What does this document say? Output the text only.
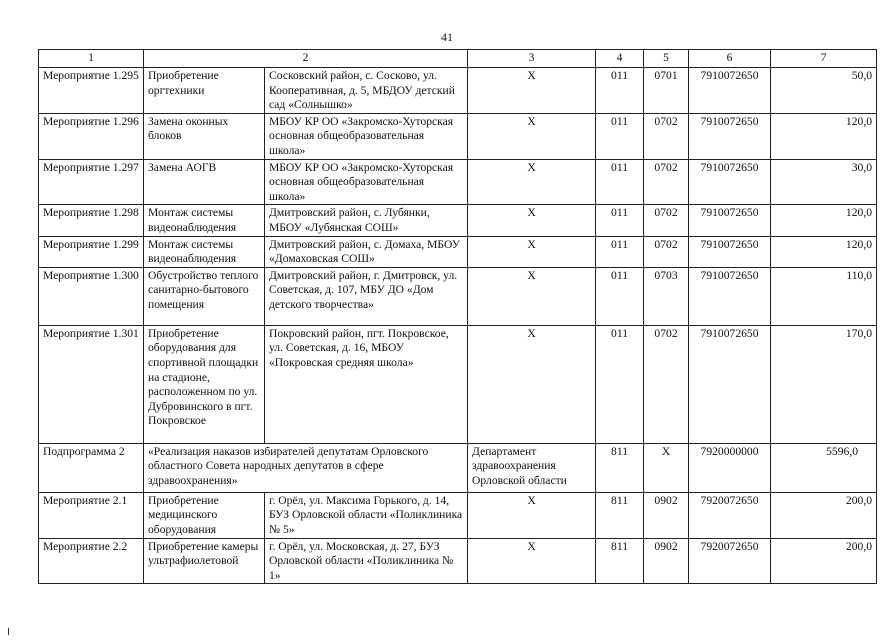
41
1	2		3	4	5	6	7
Мероприятие 1.295	Приобретение оргтехники	Сосковский район, с. Сосково, ул. Кооперативная, д. 5, МБДОУ детский сад «Солнышко»	Х	011	0701	7910072650	50,0
Мероприятие 1.296	Замена оконных блоков	МБОУ КР ОО «Закромско-Хуторская основная общеобразовательная школа»	Х	011	0702	7910072650	120,0
Мероприятие 1.297	Замена АОГВ	МБОУ КР ОО «Закромско-Хуторская основная общеобразовательная школа»	Х	011	0702	7910072650	30,0
Мероприятие 1.298	Монтаж системы видеонаблюдения	Дмитровский район, с. Лубянки, МБОУ «Лубянская СОШ»	Х	011	0702	7910072650	120,0
Мероприятие 1.299	Монтаж системы видеонаблюдения	Дмитровский район, с. Домаха, МБОУ «Домаховская СОШ»	Х	011	0702	7910072650	120,0
Мероприятие 1.300	Обустройство теплого санитарно-бытового помещения	Дмитровский район, г. Дмитровск, ул. Советская, д. 107, МБУ ДО «Дом детского творчества»	Х	011	0703	7910072650	110,0
Мероприятие 1.301	Приобретение оборудования для спортивной площадки на стадионе, расположенном по ул. Дубровинского в пгт. Покровское	Покровский район, пгт. Покровское, ул. Советская, д. 16, МБОУ «Покровская средняя школа»	Х	011	0702	7910072650	170,0
Подпрограмма 2	«Реализация наказов избирателей депутатам Орловского областного Совета народных депутатов в сфере здравоохранения»		Департамент здравоохранения Орловской области	811	Х	7920000000	5596,0
Мероприятие 2.1	Приобретение медицинского оборудования	г. Орёл, ул. Максима Горького, д. 14, БУЗ Орловской области «Поликлиника № 5»	Х	811	0902	7920072650	200,0
Мероприятие 2.2	Приобретение камеры ультрафиолетовой	г. Орёл, ул. Московская, д. 27, БУЗ Орловской области «Поликлиника № 1»	Х	811	0902	7920072650	200,0
